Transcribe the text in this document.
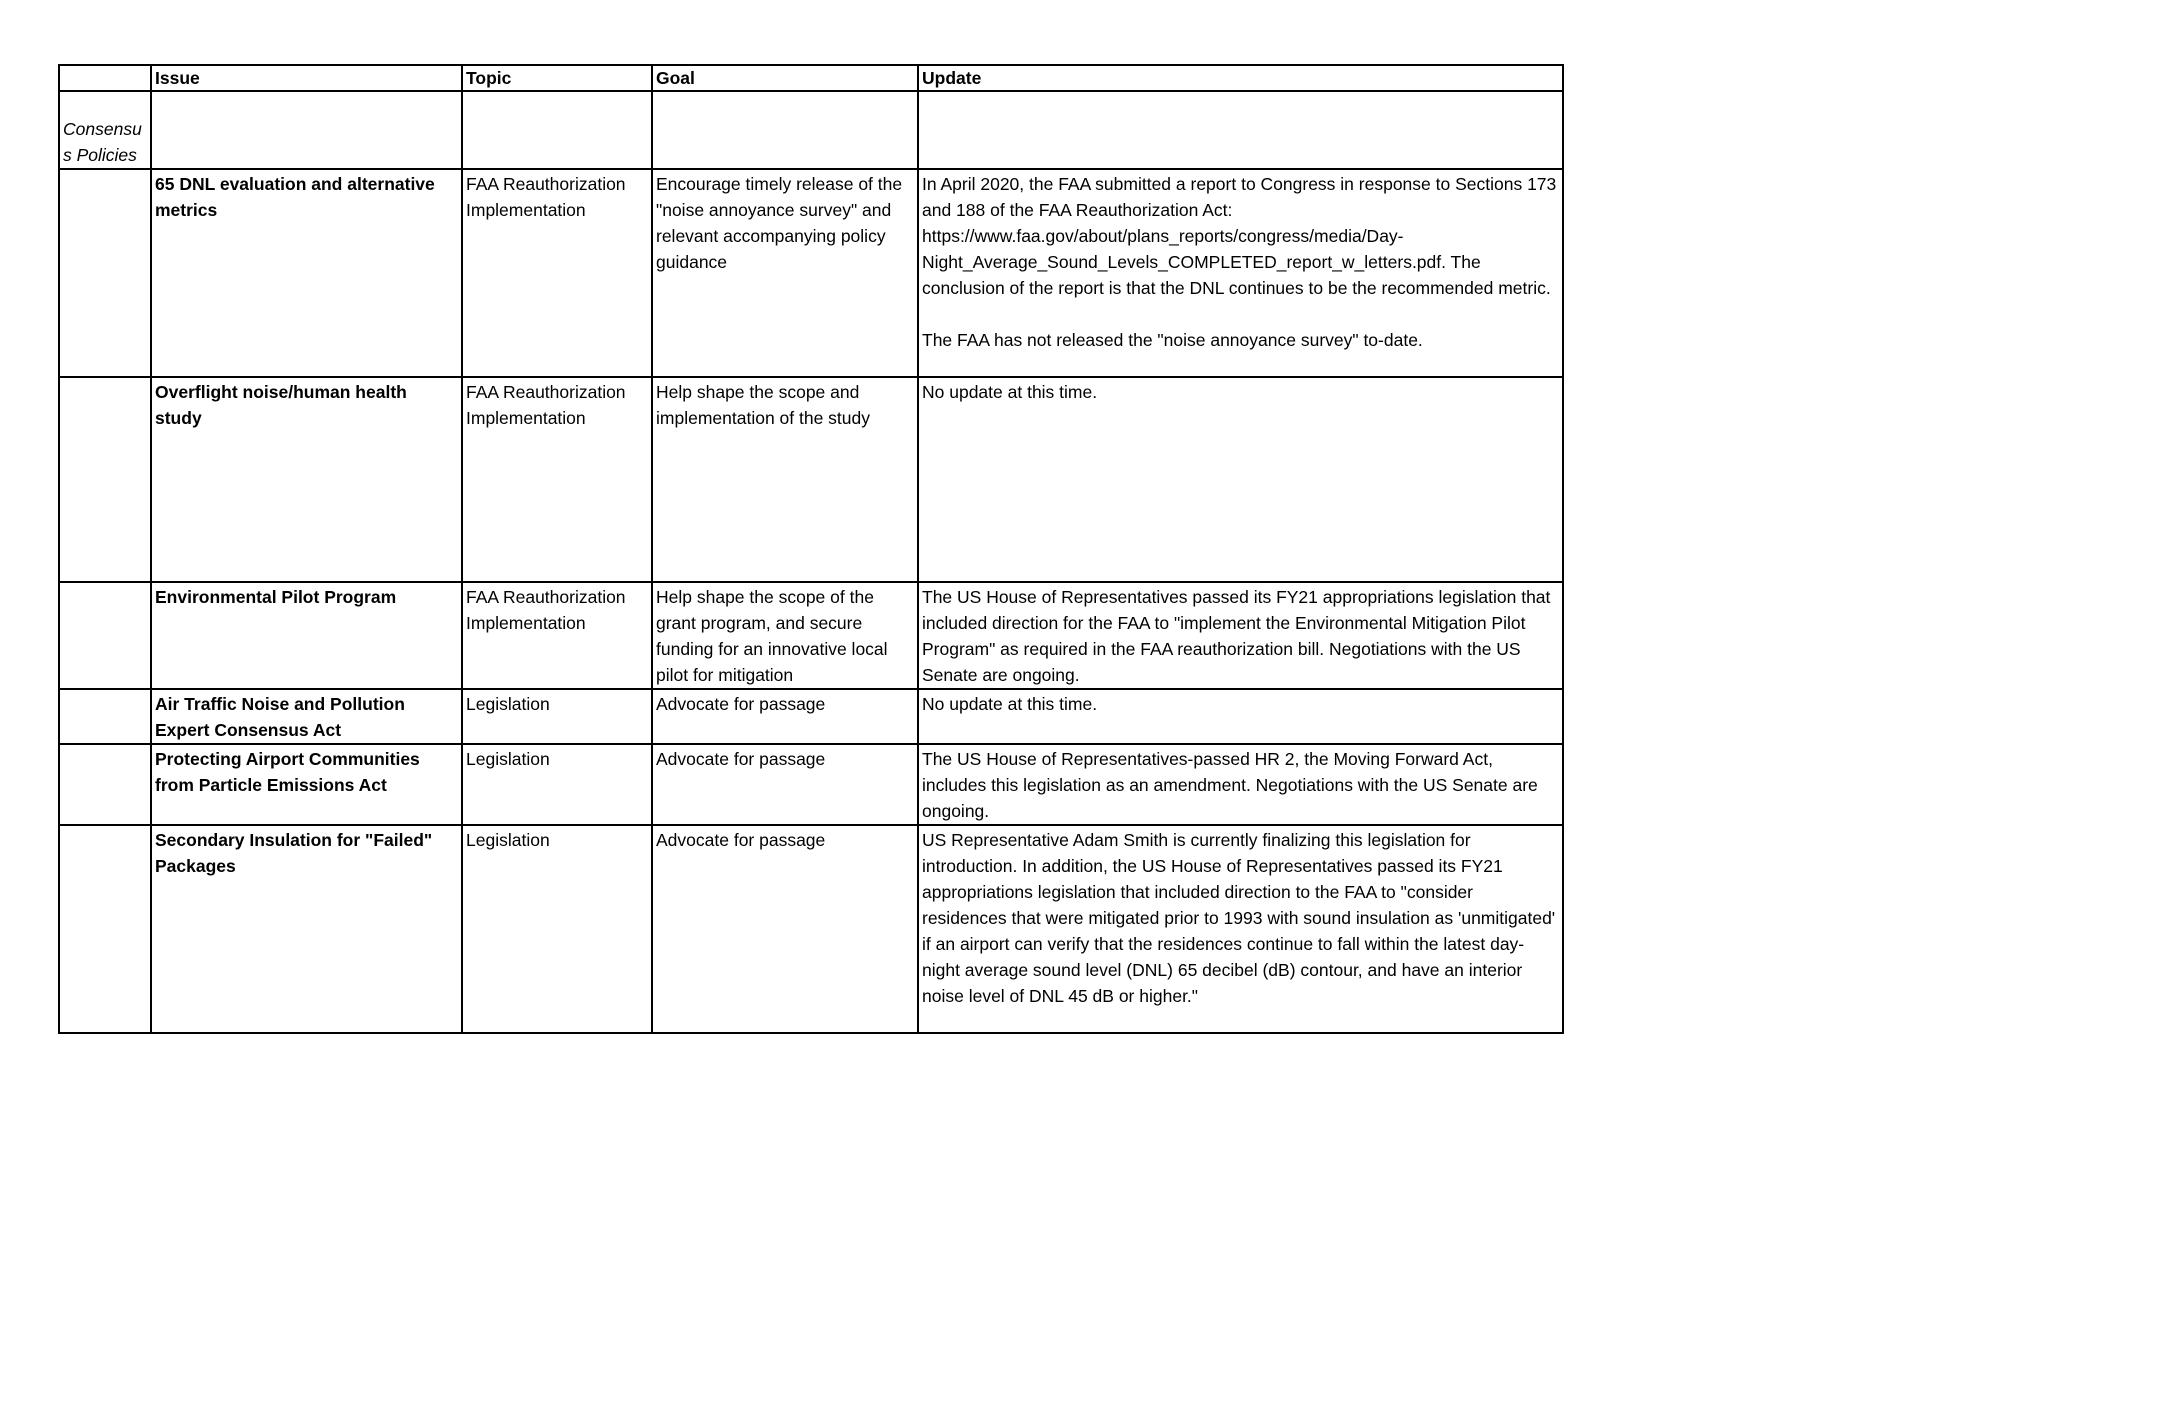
	Issue	Topic	Goal	Update
Consensu s Policies				
	65 DNL evaluation and alternative metrics	FAA Reauthorization Implementation	Encourage timely release of the "noise annoyance survey" and relevant accompanying policy guidance	In April 2020, the FAA submitted a report to Congress in response to Sections 173 and 188 of the FAA Reauthorization Act: https://www.faa.gov/about/plans_reports/congress/media/Day-Night_Average_Sound_Levels_COMPLETED_report_w_letters.pdf. The conclusion of the report is that the DNL continues to be the recommended metric.

The FAA has not released the "noise annoyance survey" to-date.
	Overflight noise/human health study	FAA Reauthorization Implementation	Help shape the scope and implementation of the study	No update at this time.
	Environmental Pilot Program	FAA Reauthorization Implementation	Help shape the scope of the grant program, and secure funding for an innovative local pilot for mitigation	The US House of Representatives passed its FY21 appropriations legislation that included direction for the FAA to "implement the Environmental Mitigation Pilot Program" as required in the FAA reauthorization bill. Negotiations with the US Senate are ongoing.
	Air Traffic Noise and Pollution Expert Consensus Act	Legislation	Advocate for passage	No update at this time.
	Protecting Airport Communities from Particle Emissions Act	Legislation	Advocate for passage	The US House of Representatives-passed HR 2, the Moving Forward Act, includes this legislation as an amendment. Negotiations with the US Senate are ongoing.
	Secondary Insulation for "Failed" Packages	Legislation	Advocate for passage	US Representative Adam Smith is currently finalizing this legislation for introduction. In addition, the US House of Representatives passed its FY21 appropriations legislation that included direction to the FAA to "consider residences that were mitigated prior to 1993 with sound insulation as 'unmitigated' if an airport can verify that the residences continue to fall within the latest day-night average sound level (DNL) 65 decibel (dB) contour, and have an interior noise level of DNL 45 dB or higher."
